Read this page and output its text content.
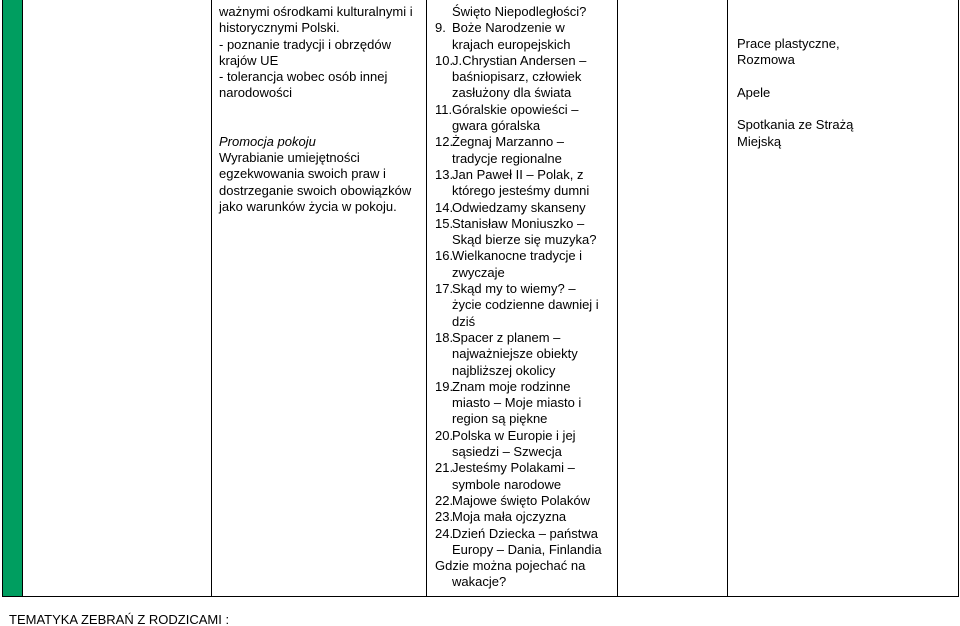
ważnymi ośrodkami kulturalnymi i
historycznymi Polski.
- poznanie tradycji i obrzędów
krajów UE
- tolerancja wobec osób innej
narodowości
Promocja pokoju
Wyrabianie umiejętności
egzekwowania swoich praw i
dostrzeganie swoich obowiązków
jako warunków życia w pokoju.
Święto Niepodległości?
9. Boże Narodzenie w
krajach europejskich
10.
J.Chrystian Andersen –
baśniopisarz, człowiek
zasłużony dla świata
11. Góralskie opowieści –
gwara góralska
12.
Żegnaj Marzanno –
tradycje regionalne
13.
Jan Paweł II – Polak, z
którego jesteśmy dumni
14.
Odwiedzamy skanseny
15.
Stanisław Moniuszko –
Skąd bierze się muzyka?
16.
Wielkanocne tradycje i
zwyczaje
17.
Skąd my to wiemy? –
życie codzienne dawniej i
dziś
18.
Spacer z planem –
najważniejsze obiekty
najbliższej okolicy
19.
Znam moje rodzinne
miasto – Moje miasto i
region są piękne
20.
Polska w Europie i jej
sąsiedzi – Szwecja
21.
Jesteśmy Polakami –
symbole narodowe
22.
Majowe święto Polaków
23.
Moja mała ojczyzna
24.
Dzień Dziecka – państwa
Europy – Dania, Finlandia
Gdzie można pojechać na
wakacje?
Prace plastyczne,
Rozmowa
Apele
Spotkania ze Strażą
Miejską
TEMATYKA ZEBRAŃ Z RODZICAMI :
